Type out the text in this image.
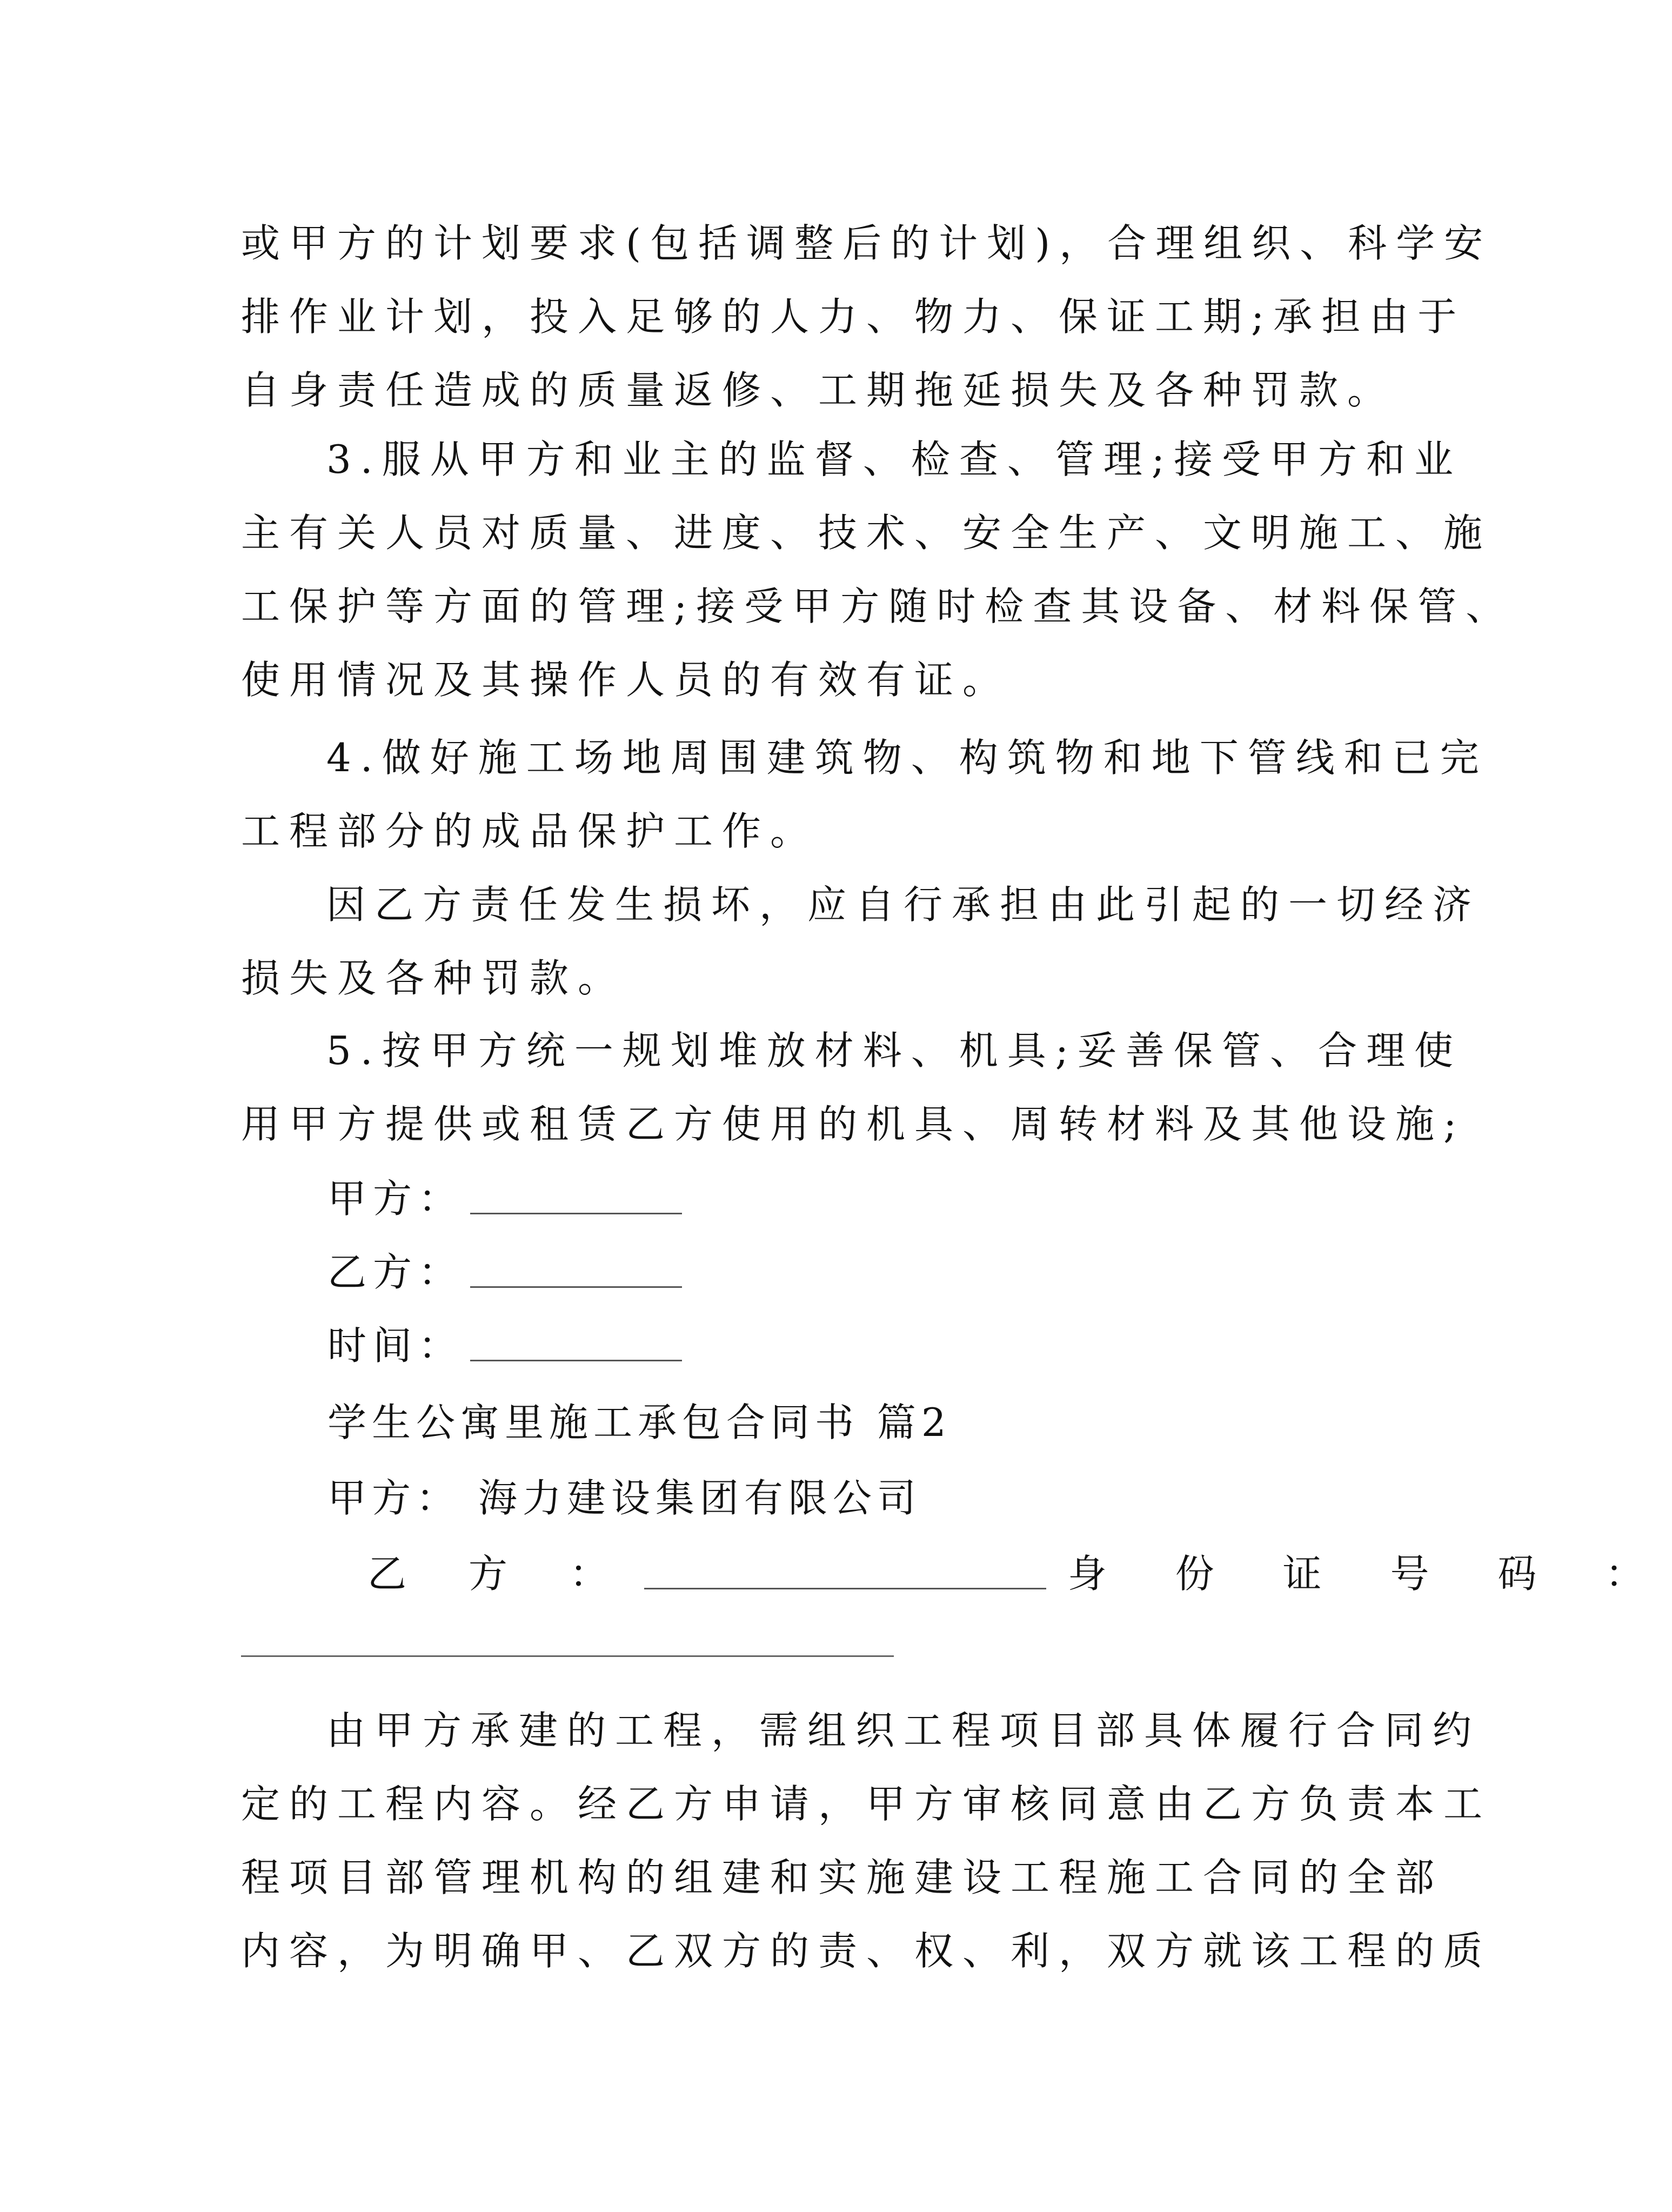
或甲方的计划要求(包括调整后的计划)，合理组织、科学安
排作业计划，投入足够的人力、物力、保证工期;承担由于
自身责任造成的质量返修、工期拖延损失及各种罚款。
3.服从甲方和业主的监督、检查、管理;接受甲方和业
主有关人员对质量、进度、技术、安全生产、文明施工、施
工保护等方面的管理;接受甲方随时检查其设备、材料保管、
使用情况及其操作人员的有效有证。
4.做好施工场地周围建筑物、构筑物和地下管线和已完
工程部分的成品保护工作。
因乙方责任发生损坏，应自行承担由此引起的一切经济
损失及各种罚款。
5.按甲方统一规划堆放材料、机具;妥善保管、合理使
用甲方提供或租赁乙方使用的机具、周转材料及其他设施;
甲方：
乙方：
时间：
学生公寓里施工承包合同书 篇2
甲方： 海力建设集团有限公司
乙 方 ：	身 份 证 号 码 ：
由甲方承建的工程，需组织工程项目部具体履行合同约
定的工程内容。经乙方申请，甲方审核同意由乙方负责本工
程项目部管理机构的组建和实施建设工程施工合同的全部
内容，为明确甲、乙双方的责、权、利，双方就该工程的质
